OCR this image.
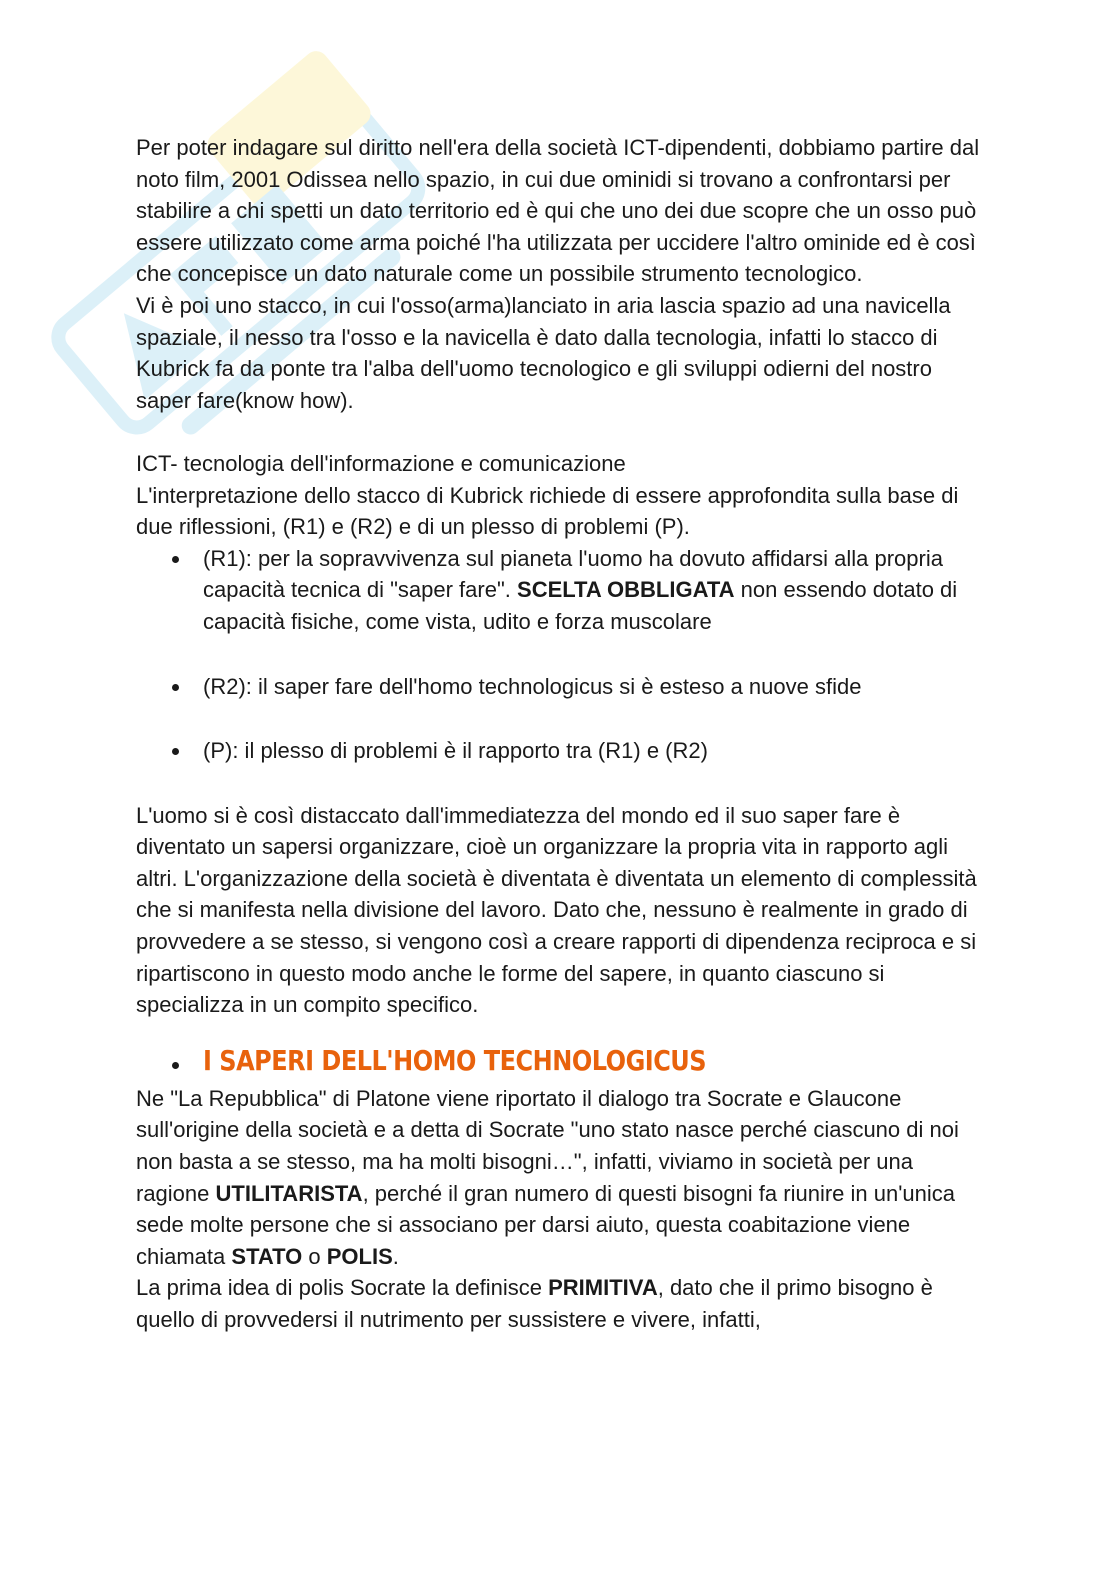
Per poter indagare sul diritto nell'era della società ICT-dipendenti, dobbiamo partire dal noto film, 2001 Odissea nello spazio, in cui due ominidi si trovano a confrontarsi per stabilire a chi spetti un dato territorio ed è qui che uno dei due scopre che un osso può essere utilizzato come arma poiché l'ha utilizzata per uccidere l'altro ominide ed è così che concepisce un dato naturale come un possibile strumento tecnologico.

Vi è poi uno stacco, in cui l'osso(arma)lanciato in aria lascia spazio ad una navicella spaziale, il nesso tra l'osso e la navicella è dato dalla tecnologia, infatti lo stacco di Kubrick fa da ponte tra l'alba dell'uomo tecnologico e gli sviluppi odierni del nostro saper fare(know how).

ICT- tecnologia dell'informazione e comunicazione

L'interpretazione dello stacco di Kubrick richiede di essere approfondita sulla base di due riflessioni, (R1) e (R2) e di un plesso di problemi (P).

(R1): per la sopravvivenza sul pianeta l'uomo ha dovuto affidarsi alla propria capacità tecnica di "saper fare". SCELTA OBBLIGATA non essendo dotato di capacità fisiche, come vista, udito e forza muscolare
(R2): il saper fare dell'homo technologicus si è esteso a nuove sfide
(P): il plesso di problemi è il rapporto tra (R1) e (R2)

L'uomo si è così distaccato dall'immediatezza del mondo ed il suo saper fare è diventato un sapersi organizzare, cioè un organizzare la propria vita in rapporto agli altri. L'organizzazione della società è diventata è diventata un elemento di complessità che si manifesta nella divisione del lavoro. Dato che, nessuno è realmente in grado di provvedere a se stesso, si vengono così a creare rapporti di dipendenza reciproca e si ripartiscono in questo modo anche le forme del sapere, in quanto ciascuno si specializza in un compito specifico.

I SAPERI DELL'HOMO TECHNOLOGICUS

Ne "La Repubblica" di Platone viene riportato il dialogo tra Socrate e Glaucone sull'origine della società e a detta di Socrate "uno stato nasce perché ciascuno di noi non basta a se stesso, ma ha molti bisogni…", infatti, viviamo in società per una ragione UTILITARISTA, perché il gran numero di questi bisogni fa riunire in un'unica sede molte persone che si associano per darsi aiuto, questa coabitazione viene chiamata STATO o POLIS.

La prima idea di polis Socrate la definisce PRIMITIVA, dato che il primo bisogno è quello di provvedersi il nutrimento per sussistere e vivere, infatti,
